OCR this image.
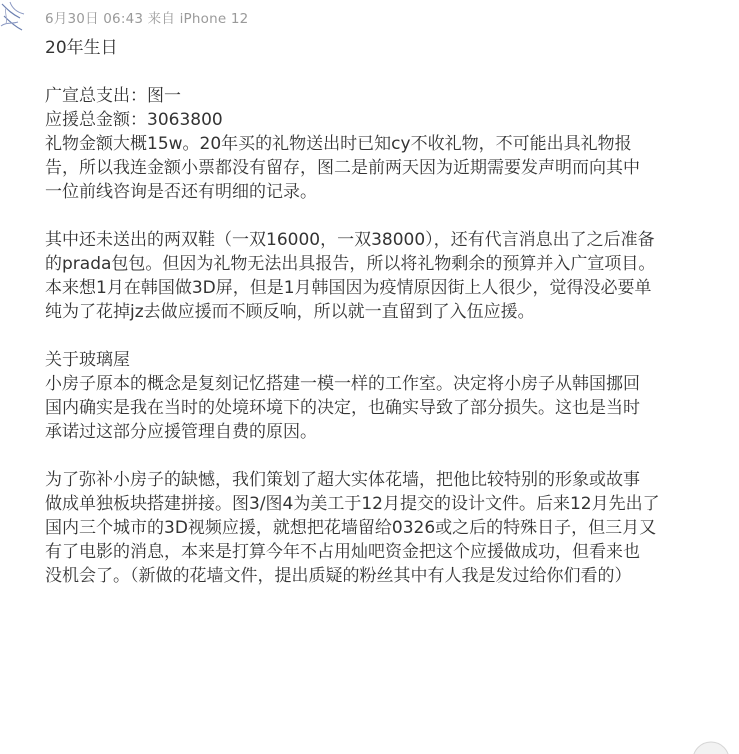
6月30日 06:43 来自 iPhone 12

20年生日

广宣总支出：图一

应援总金额：3063800

礼物金额大概15w。20年买的礼物送出时已知cy不收礼物，不可能出具礼物报

告，所以我连金额小票都没有留存，图二是前两天因为近期需要发声明而向其中

一位前线咨询是否还有明细的记录。

其中还未送出的两双鞋（一双16000，一双38000），还有代言消息出了之后准备

的prada包包。但因为礼物无法出具报告，所以将礼物剩余的预算并入广宣项目。

本来想1月在韩国做3D屏，但是1月韩国因为疫情原因街上人很少，觉得没必要单

纯为了花掉jz去做应援而不顾反响，所以就一直留到了入伍应援。

关于玻璃屋

小房子原本的概念是复刻记忆搭建一模一样的工作室。决定将小房子从韩国挪回

国内确实是我在当时的处境环境下的决定，也确实导致了部分损失。这也是当时

承诺过这部分应援管理自费的原因。

为了弥补小房子的缺憾，我们策划了超大实体花墙，把他比较特别的形象或故事

做成单独板块搭建拼接。图3/图4为美工于12月提交的设计文件。后来12月先出了

国内三个城市的3D视频应援，就想把花墙留给0326或之后的特殊日子，但三月又

有了电影的消息，本来是打算今年不占用灿吧资金把这个应援做成功，但看来也

没机会了。（新做的花墙文件，提出质疑的粉丝其中有人我是发过给你们看的）
